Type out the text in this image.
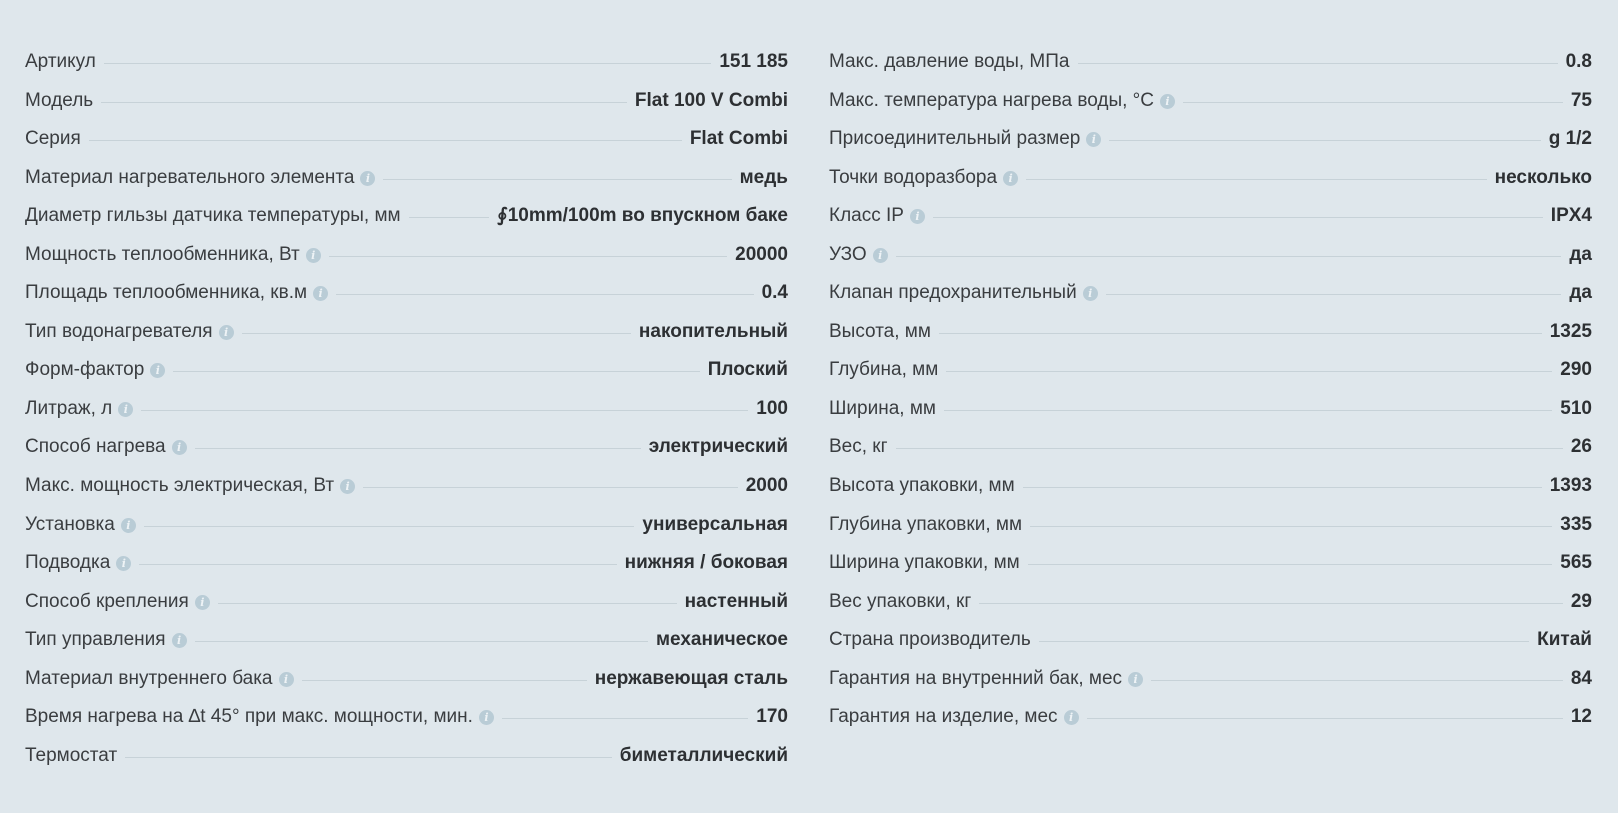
Артикул	151 185
Модель	Flat 100 V Combi
Серия	Flat Combi
Материал нагревательного элемента	i	медь
Диаметр гильзы датчика температуры, мм	∮10mm/100m во впускном баке
Мощность теплообменника, Вт	i	20000
Площадь теплообменника, кв.м	i	0.4
Тип водонагревателя	i	накопительный
Форм-фактор	i	Плоский
Литраж, л	i	100
Способ нагрева	i	электрический
Макс. мощность электрическая, Вт	i	2000
Установка	i	универсальная
Подводка	i	нижняя / боковая
Способ крепления	i	настенный
Тип управления	i	механическое
Материал внутреннего бака	i	нержавеющая сталь
Время нагрева на ∆t 45° при макс. мощности, мин.	i	170
Термостат	биметаллический
Макс. давление воды, МПа	0.8
Макс. температура нагрева воды, °С	i	75
Присоединительный размер	i	g 1/2
Точки водоразбора	i	несколько
Класс IP	i	IPX4
УЗО	i	да
Клапан предохранительный	i	да
Высота, мм	1325
Глубина, мм	290
Ширина, мм	510
Вес, кг	26
Высота упаковки, мм	1393
Глубина упаковки, мм	335
Ширина упаковки, мм	565
Вес упаковки, кг	29
Страна производитель	Китай
Гарантия на внутренний бак, мес	i	84
Гарантия на изделие, мес	i	12
